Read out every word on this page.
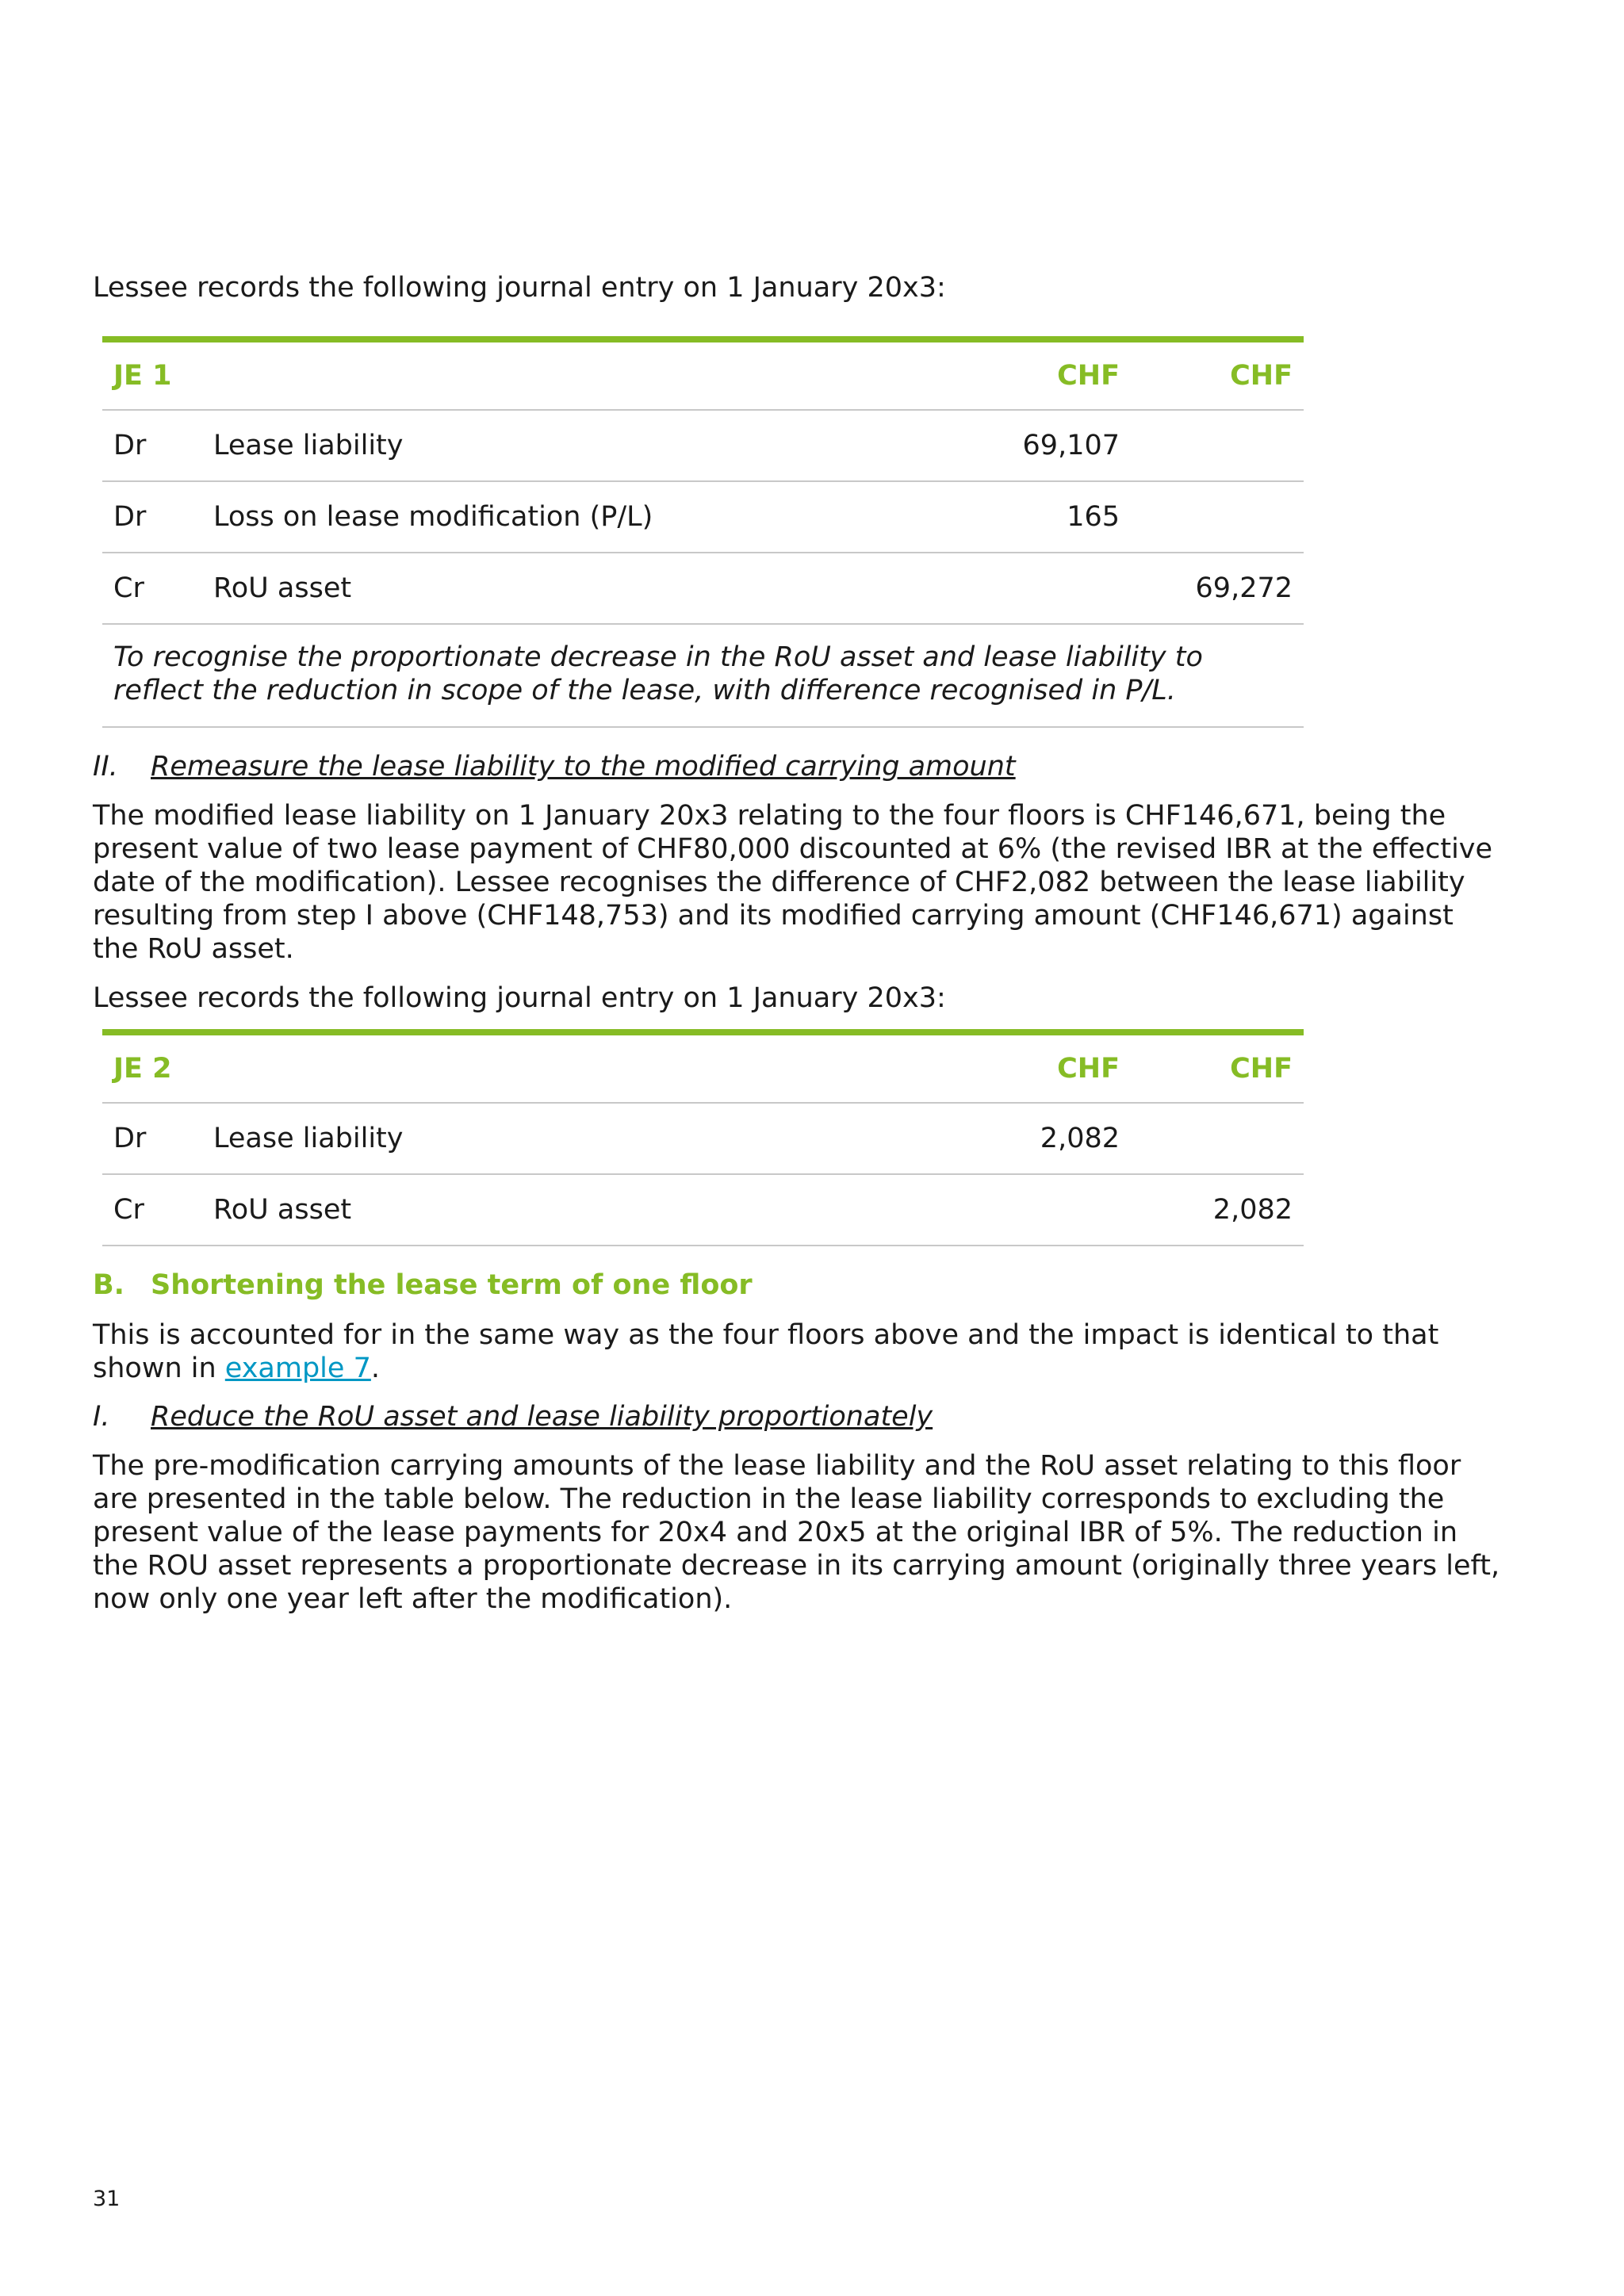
Lessee records the following journal entry on 1 January 20x3:

JE 1		CHF	CHF
Dr	Lease liability	69,107	
Dr	Loss on lease modification (P/L)	165	
Cr	RoU asset		69,272
To recognise the proportionate decrease in the RoU asset and lease liability to reflect the reduction in scope of the lease, with difference recognised in P/L.			
II. Remeasure the lease liability to the modified carrying amount

The modified lease liability on 1 January 20x3 relating to the four floors is CHF146,671, being the present value of two lease payment of CHF80,000 discounted at 6% (the revised IBR at the effective date of the modification). Lessee recognises the difference of CHF2,082 between the lease liability resulting from step I above (CHF148,753) and its modified carrying amount (CHF146,671) against the RoU asset.

Lessee records the following journal entry on 1 January 20x3:

JE 2		CHF	CHF
Dr	Lease liability	2,082	
Cr	RoU asset		2,082
B. Shortening the lease term of one floor

This is accounted for in the same way as the four floors above and the impact is identical to that shown in example 7.

I. Reduce the RoU asset and lease liability proportionately

The pre-modification carrying amounts of the lease liability and the RoU asset relating to this floor are presented in the table below. The reduction in the lease liability corresponds to excluding the present value of the lease payments for 20x4 and 20x5 at the original IBR of 5%. The reduction in the ROU asset represents a proportionate decrease in its carrying amount (originally three years left, now only one year left after the modification).

31
